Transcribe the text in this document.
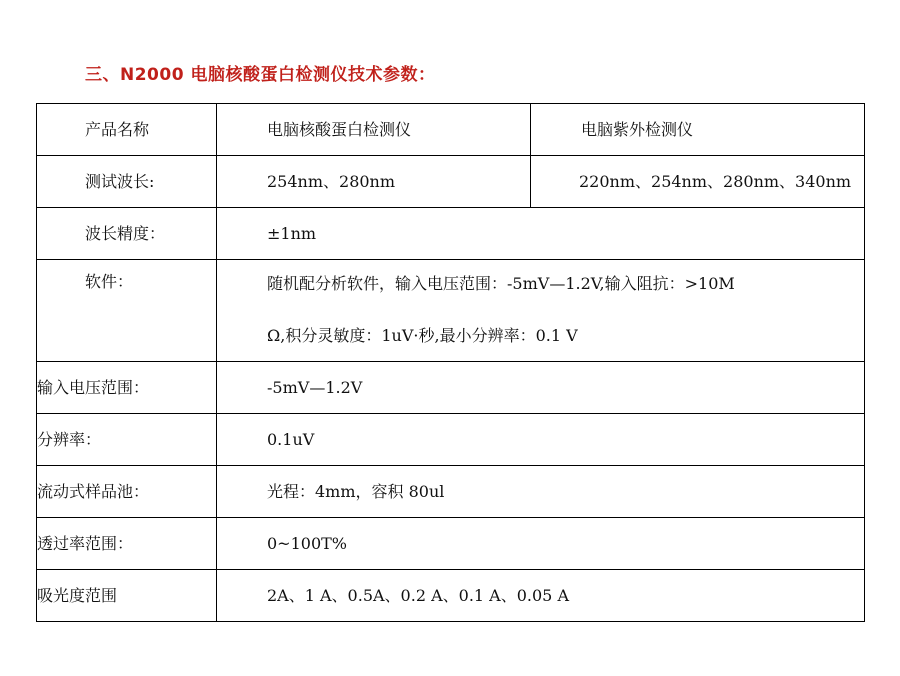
三、N2000 电脑核酸蛋白检测仪技术参数：
产品名称	电脑核酸蛋白检测仪	电脑紫外检测仪
测试波长:	254nm、280nm	220nm、254nm、280nm、340nm
波长精度：	±1nm	
软件：	随机配分析软件，输入电压范围：-5mV—1.2V,输入阻抗：>10M
Ω,积分灵敏度：1uV·秒,最小分辨率：0.1 V	

输入电压范围：	-5mV—1.2V	
分辨率：	0.1uV	
流动式样品池：	光程：4mm，容积 80ul	
透过率范围：	0~100T%	
吸光度范围	2A、1 A、0.5A、0.2 A、0.1 A、0.05 A	
